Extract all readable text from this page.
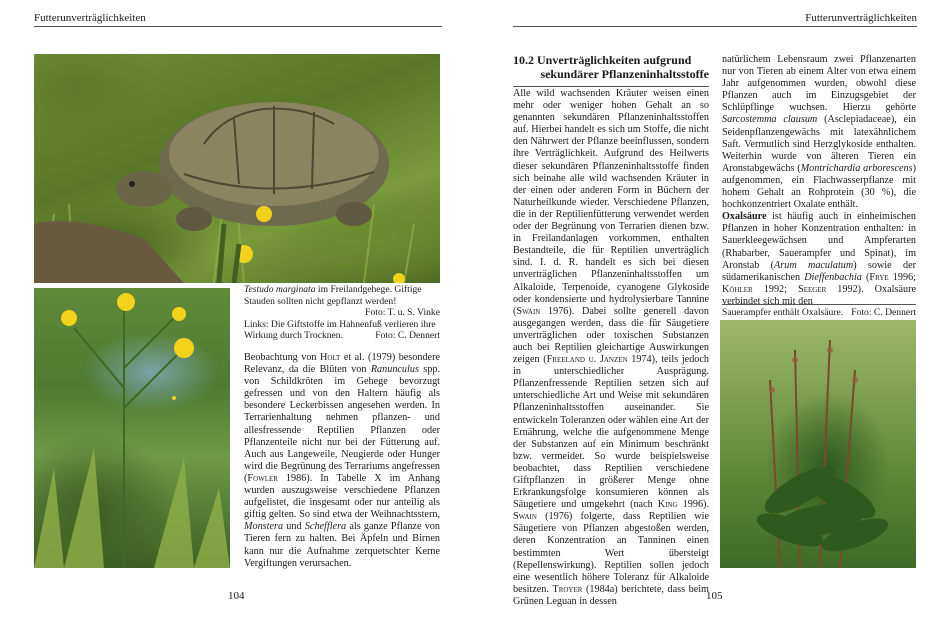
Futterunverträglichkeiten
Testudo marginata im Freilandgehege. Giftige Stauden sollten nicht gepflanzt werden!
Foto: T. u. S. Vinke
Links: Die Giftstoffe im Hahnenfuß verlieren ihre Wirkung durch Trocknen.	Foto: C. Dennert

Beobachtung von Holt et al. (1979) besondere Relevanz, da die Blüten von Ranunculus spp. von Schildkröten im Gehege bevorzugt gefressen und von den Haltern häufig als besondere Leckerbissen angesehen werden. In Terrarienhaltung nehmen pflanzen- und allesfressende Reptilien Pflanzen oder Pflanzenteile nicht nur bei der Fütterung auf. Auch aus Langeweile, Neugierde oder Hunger wird die Begrünung des Terrariums angefressen (Fowler 1986). In Tabelle X im Anhang wurden auszugsweise verschiedene Pflanzen aufgelistet, die insgesamt oder nur anteilig als giftig gelten. So sind etwa der Weihnachtsstern, Monstera und Schefflera als ganze Pflanze von Tieren fern zu halten. Bei Äpfeln und Birnen kann nur die Aufnahme zerquetschter Kerne Vergiftungen verursachen.

104
Futterunverträglichkeiten
10.2 Unverträglichkeiten aufgrund
sekundärer Pflanzeninhaltsstoffe

Alle wild wachsenden Kräuter weisen einen mehr oder weniger hohen Gehalt an so genannten sekundären Pflanzeninhaltsstoffen auf. Hierbei handelt es sich um Stoffe, die nicht den Nährwert der Pflanze beeinflussen, sondern ihre Verträglichkeit. Aufgrund des Heilwerts dieser sekundären Pflanzeninhaltsstoffe finden sich beinahe alle wild wachsenden Kräuter in der einen oder anderen Form in Büchern der Naturheilkunde wieder. Verschiedene Pflanzen, die in der Reptilienfütterung verwendet werden oder der Begrünung von Terrarien dienen bzw. in Freilandanlagen vorkommen, enthalten Bestandteile, die für Reptilien unverträglich sind. I. d. R. handelt es sich bei diesen unverträglichen Pflanzeninhaltsstoffen um Alkaloide, Terpenoide, cyanogene Glykoside oder kondensierte und hydrolysierbare Tannine (Swain 1976). Dabei sollte generell davon ausgegangen werden, dass die für Säugetiere unverträglichen oder toxischen Substanzen auch bei Reptilien gleichartige Auswirkungen zeigen (Freeland u. Janzen 1974), teils jedoch in unterschiedlicher Ausprägung. Pflanzenfressende Reptilien setzen sich auf unterschiedliche Art und Weise mit sekundären Pflanzeninhaltsstoffen auseinander. Sie entwickeln Toleranzen oder wählen eine Art der Ernährung, welche die aufgenommene Menge der Substanzen auf ein Minimum beschränkt bzw. vermeidet. So wurde beispielsweise beobachtet, dass Reptilien verschiedene Giftpflanzen in größerer Menge ohne Erkrankungsfolge konsumieren können als Säugetiere und umgekehrt (nach King 1996). Swain (1976) folgerte, dass Reptilien wie Säugetiere von Pflanzen abgestoßen werden, deren Konzentration an Tanninen einen bestimmten Wert übersteigt (Repellenswirkung). Reptilien sollen jedoch eine wesentlich höhere Toleranz für Alkaloide besitzen. Troyer (1984a) berichtete, dass beim Grünen Leguan in dessen

natürlichem Lebensraum zwei Pflanzenarten nur von Tieren ab einem Alter von etwa einem Jahr aufgenommen wurden, obwohl diese Pflanzen auch im Einzugsgebiet der Schlüpflinge wuchsen. Hierzu gehörte Sarcostemma clausum (Asclepiadaceae), ein Seidenpflanzengewächs mit latexähnlichem Saft. Vermutlich sind Herzglykoside enthalten. Weiterhin wurde von älteren Tieren ein Aronstabgewächs (Montrichardia arborescens) aufgenommen, ein Flachwasserpflanze mit hohem Gehalt an Rohprotein (30 %), die hochkonzentriert Oxalate enthält.
Oxalsäure ist häufig auch in einheimischen Pflanzen in hoher Konzentration enthalten: in Sauerkleegewächsen und Ampferarten (Rhabarber, Sauerampfer und Spinat), im Aronstab (Arum maculatum) sowie der südamerikanischen Dieffenbachia (Frye 1996; Köhler 1992; Seeger 1992). Oxalsäure verbindet sich mit den

Sauerampfer enthält Oxalsäure. Foto: C. Dennert
105
